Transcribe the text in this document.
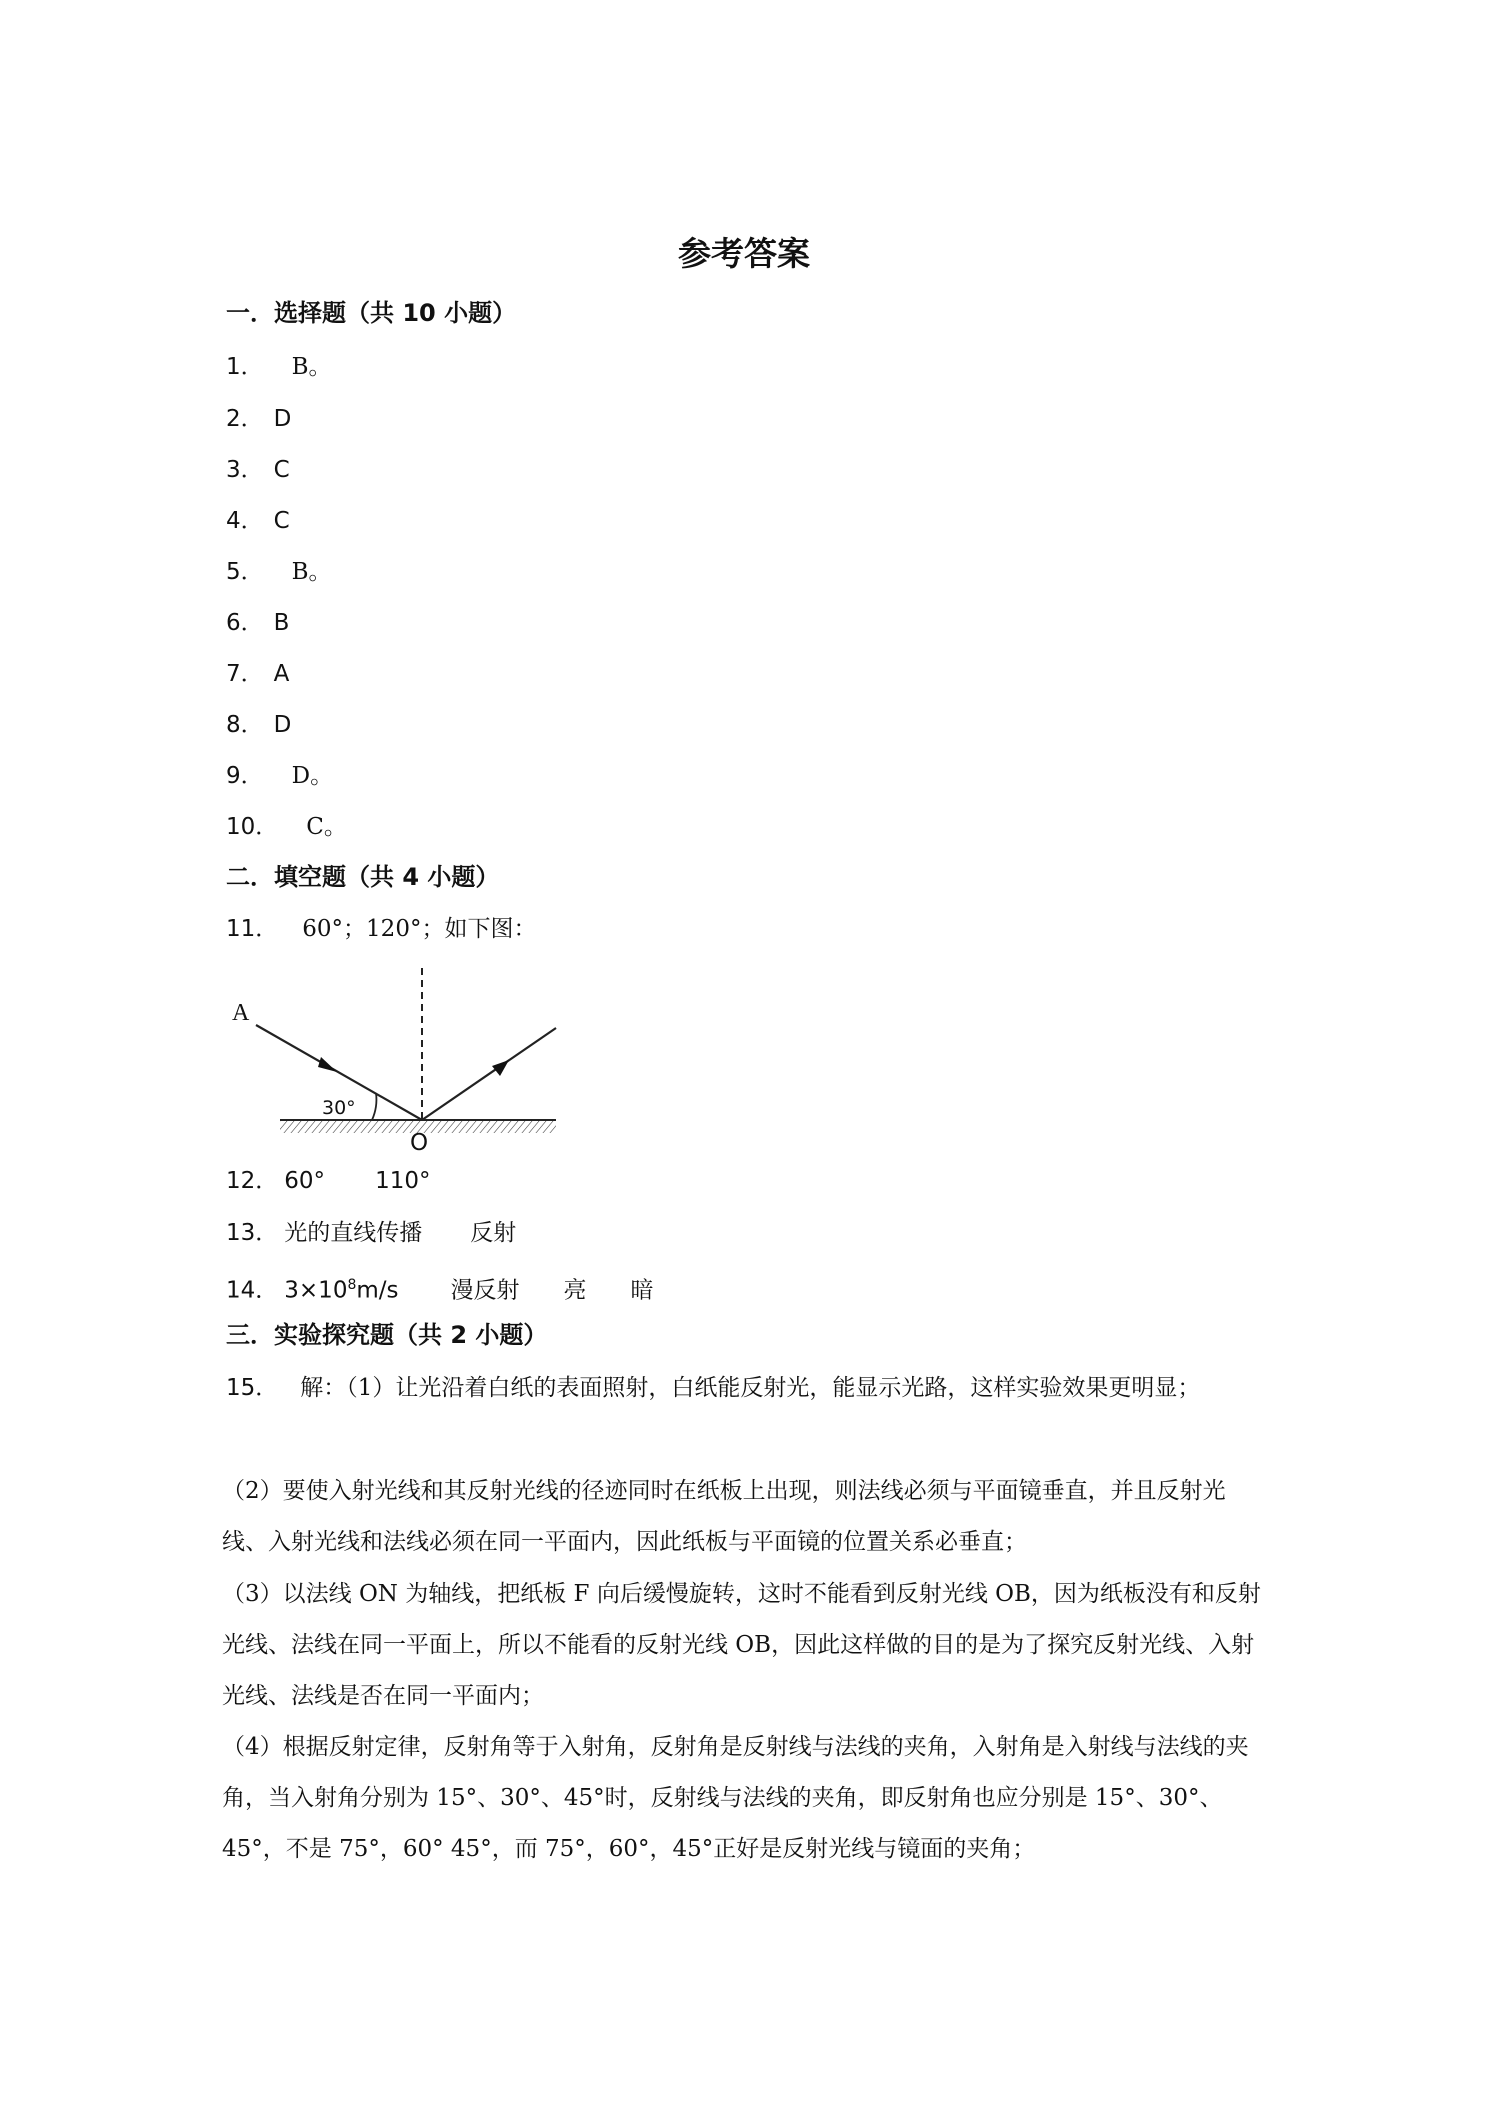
参考答案
一．选择题（共 10 小题）
1． B。
2． D
3． C
4． C
5． B。
6． B
7． A
8． D
9． D。
10． C。
二．填空题（共 4 小题）
11． 60°；120°；如下图：
A
30°
O
12． 60° 110°
13． 光的直线传播 反射
14． $3\times 10^8m/s$ 漫反射 亮 暗
三．实验探究题（共 2 小题）
15． 解：（1）让光沿着白纸的表面照射，白纸能反射光，能显示光路，这样实验效果更明显；
（2）要使入射光线和其反射光线的径迹同时在纸板上出现，则法线必须与平面镜垂直，并且反射光线、入射光线和法线必须在同一平面内，因此纸板与平面镜的位置关系必垂直；
（3）以法线 ON 为轴线，把纸板 F 向后缓慢旋转，这时不能看到反射光线 OB，因为纸板没有和反射光线、法线在同一平面上，所以不能看的反射光线 OB，因此这样做的目的是为了探究反射光线、入射光线、法线是否在同一平面内；
（4）根据反射定律，反射角等于入射角，反射角是反射线与法线的夹角，入射角是入射线与法线的夹角，当入射角分别为 15°、30°、45°时，反射线与法线的夹角，即反射角也应分别是 15°、30°、45°，不是 75°，60° 45°，而 75°，60°，45°正好是反射光线与镜面的夹角；
